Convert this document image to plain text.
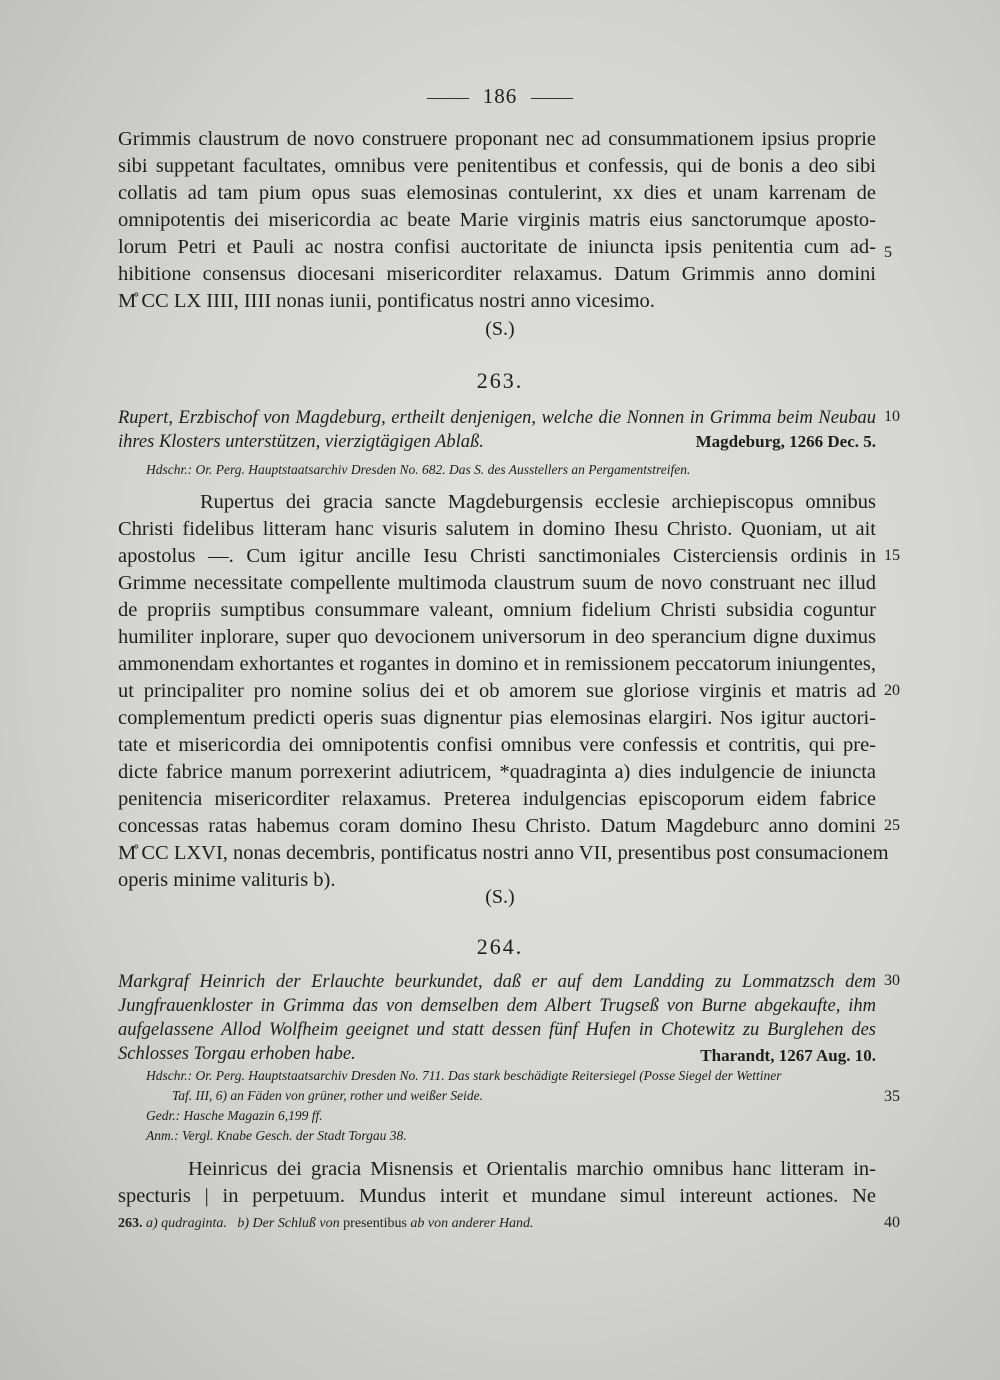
186
Grimmis claustrum de novo construere proponant nec ad consummationem ipsius proprie
sibi suppetant facultates, omnibus vere penitentibus et confessis, qui de bonis a deo sibi
collatis ad tam pium opus suas elemosinas contulerint, xx dies et unam karrenam de
omnipotentis dei misericordia ac beate Marie virginis matris eius sanctorumque aposto-
lorum Petri et Pauli ac nostra confisi auctoritate de iniuncta ipsis penitentia cum ad-
hibitione consensus diocesani misericorditer relaxamus. Datum Grimmis anno domini
M̊ CC LX IIII, IIII nonas iunii, pontificatus nostri anno vicesimo.
(S.)
263.
Rupert, Erzbischof von Magdeburg, ertheilt denjenigen, welche die Nonnen in Grimma beim Neubau
ihres Klosters unterstützen, vierzigtägigen Ablaß.	Magdeburg, 1266 Dec. 5.
Hdschr.: Or. Perg. Hauptstaatsarchiv Dresden No. 682. Das S. des Ausstellers an Pergamentstreifen.
Rupertus dei gracia sancte Magdeburgensis ecclesie archiepiscopus omnibus
Christi fidelibus litteram hanc visuris salutem in domino Ihesu Christo. Quoniam, ut ait
apostolus —. Cum igitur ancille Iesu Christi sanctimoniales Cisterciensis ordinis in
Grimme necessitate compellente multimoda claustrum suum de novo construant nec illud
de propriis sumptibus consummare valeant, omnium fidelium Christi subsidia coguntur
humiliter inplorare, super quo devocionem universorum in deo sperancium digne duximus
ammonendam exhortantes et rogantes in domino et in remissionem peccatorum iniungentes,
ut principaliter pro nomine solius dei et ob amorem sue gloriose virginis et matris ad
complementum predicti operis suas dignentur pias elemosinas elargiri. Nos igitur auctori-
tate et misericordia dei omnipotentis confisi omnibus vere confessis et contritis, qui pre-
dicte fabrice manum porrexerint adiutricem, *quadraginta a) dies indulgencie de iniuncta
penitencia misericorditer relaxamus. Preterea indulgencias episcoporum eidem fabrice
concessas ratas habemus coram domino Ihesu Christo. Datum Magdeburc anno domini
M̊ CC LXVI, nonas decembris, pontificatus nostri anno VII, presentibus post consumacionem
operis minime valituris b).
(S.)
264.
Markgraf Heinrich der Erlauchte beurkundet, daß er auf dem Landding zu Lommatzsch dem
Jungfrauenkloster in Grimma das von demselben dem Albert Trugseß von Burne abgekaufte, ihm
aufgelassene Allod Wolfheim geeignet und statt dessen fünf Hufen in Chotewitz zu Burglehen des
Schlosses Torgau erhoben habe.	Tharandt, 1267 Aug. 10.
Hdschr.: Or. Perg. Hauptstaatsarchiv Dresden No. 711. Das stark beschädigte Reitersiegel (Posse Siegel der Wettiner
Taf. III, 6) an Fäden von grüner, rother und weißer Seide.
Gedr.: Hasche Magazin 6,199 ff.
Anm.: Vergl. Knabe Gesch. der Stadt Torgau 38.
Heinricus dei gracia Misnensis et Orientalis marchio omnibus hanc litteram in-
specturis | in perpetuum. Mundus interit et mundane simul intereunt actiones. Ne
263. a) qudraginta. b) Der Schluß von presentibus ab von anderer Hand.
5
10
15
20
25
30
35
40
